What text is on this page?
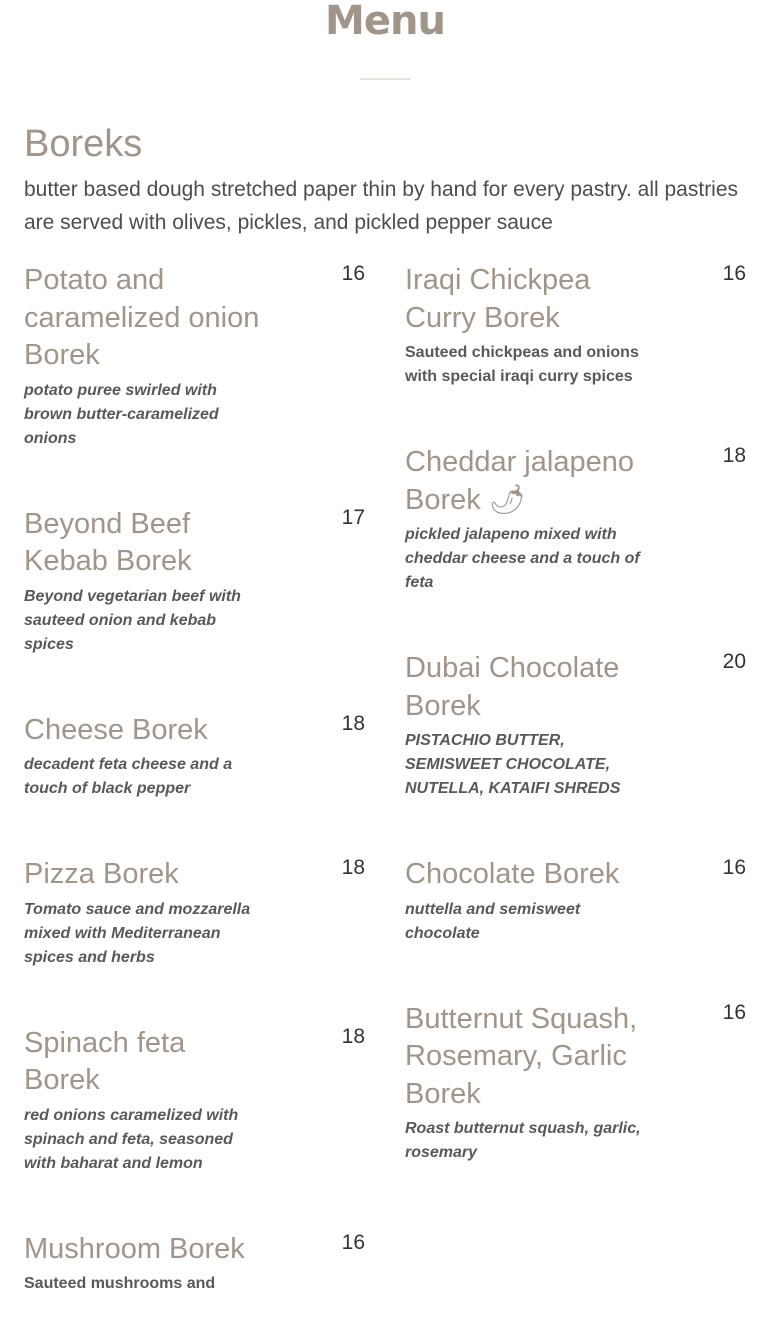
Menu
Boreks

butter based dough stretched paper thin by hand for every pastry. all pastries are served with olives, pickles, and pickled pepper sauce

Potato and caramelized onion Borek
16

potato puree swirled with brown butter-caramelized onions

Beyond Beef Kebab Borek
17

Beyond vegetarian beef with sauteed onion and kebab spices

Cheese Borek	18

decadent feta cheese and a touch of black pepper

Pizza Borek	18

Tomato sauce and mozzarella mixed with Mediterranean spices and herbs

Spinach feta Borek
18

red onions caramelized with spinach and feta, seasoned with baharat and lemon

Mushroom Borek	16

Sauteed mushrooms and

Iraqi Chickpea Curry Borek
16

Sauteed chickpeas and onions with special iraqi curry spices

Cheddar jalapeno Borek 🌶
18

pickled jalapeno mixed with cheddar cheese and a touch of feta

Dubai Chocolate Borek
20

PISTACHIO BUTTER, SEMISWEET CHOCOLATE, NUTELLA, KATAIFI SHREDS

Chocolate Borek	16

nuttella and semisweet chocolate

Butternut Squash, Rosemary, Garlic Borek
16

Roast butternut squash, garlic, rosemary
